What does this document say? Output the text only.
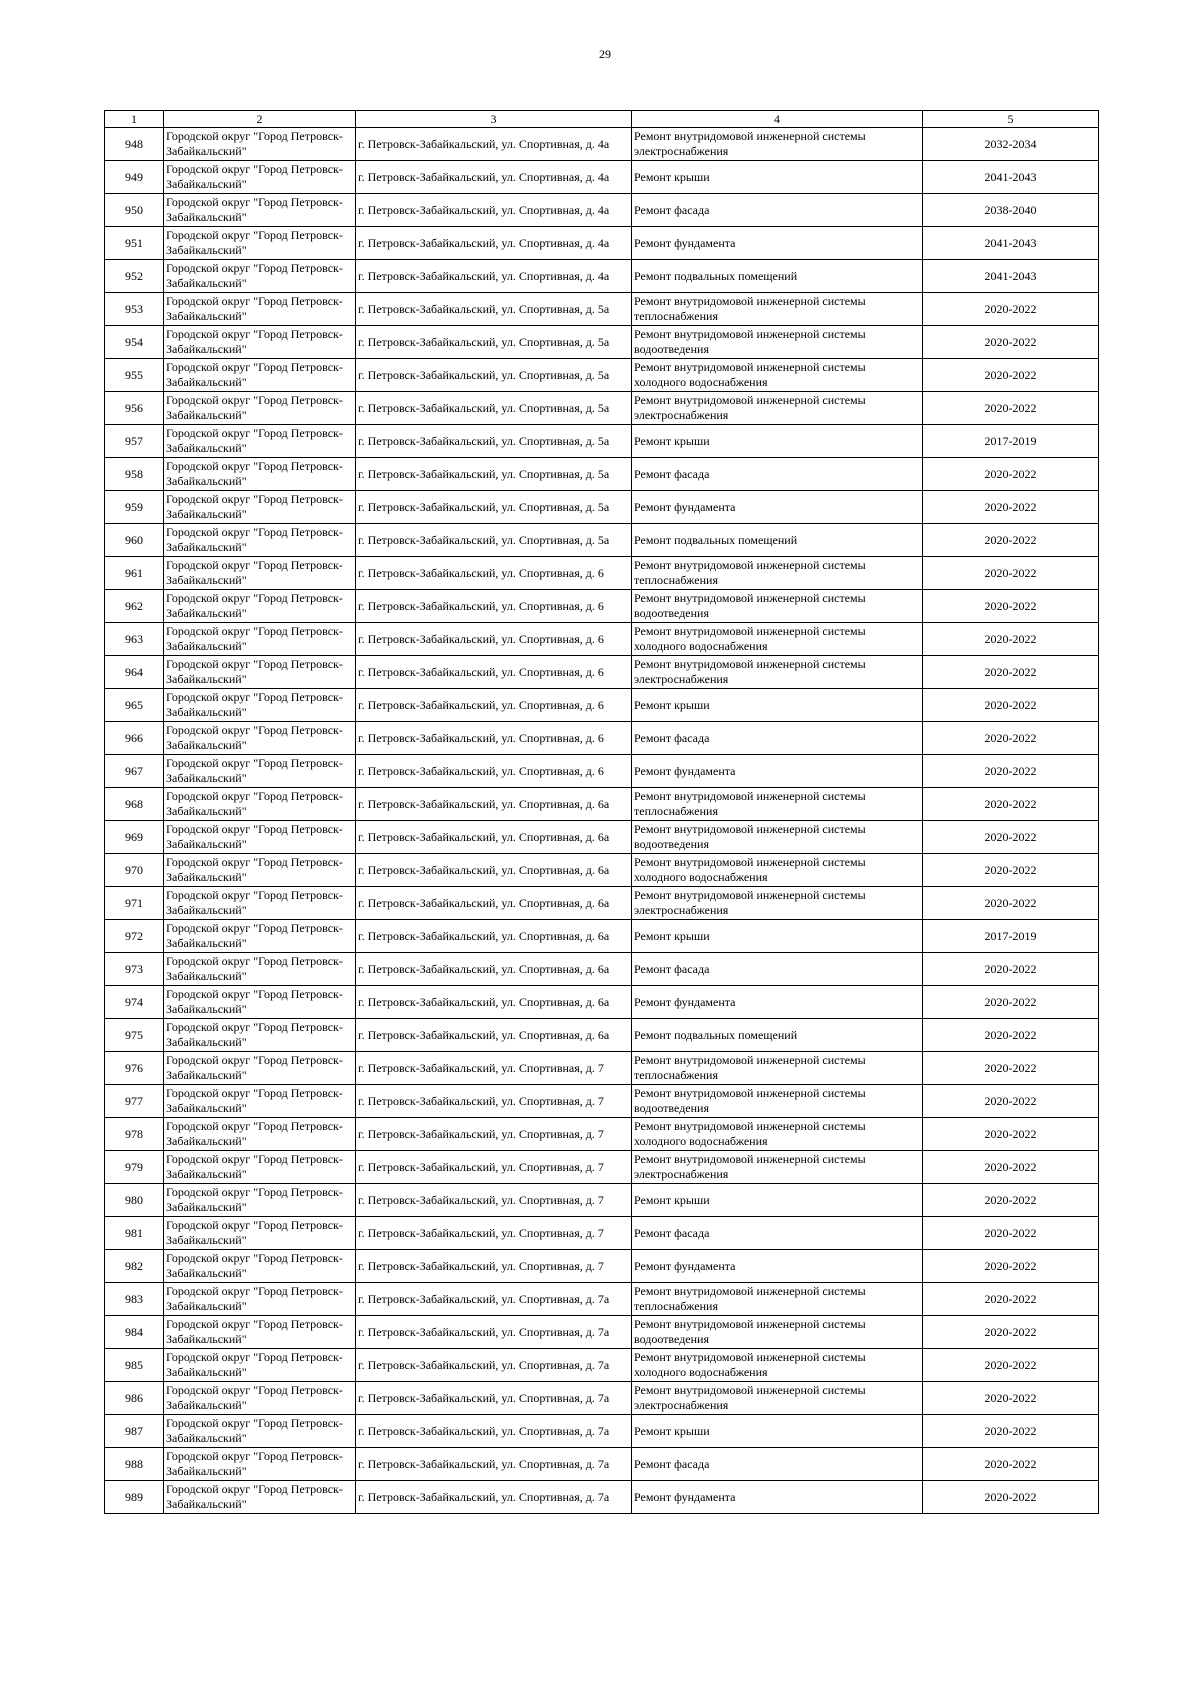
29
1	2	3	4	5
948	Городской округ "Город Петровск-Забайкальский"	г. Петровск-Забайкальский, ул. Спортивная, д. 4а	Ремонт внутридомовой инженерной системы электроснабжения	2032-2034
949	Городской округ "Город Петровск-Забайкальский"	г. Петровск-Забайкальский, ул. Спортивная, д. 4а	Ремонт крыши	2041-2043
950	Городской округ "Город Петровск-Забайкальский"	г. Петровск-Забайкальский, ул. Спортивная, д. 4а	Ремонт фасада	2038-2040
951	Городской округ "Город Петровск-Забайкальский"	г. Петровск-Забайкальский, ул. Спортивная, д. 4а	Ремонт фундамента	2041-2043
952	Городской округ "Город Петровск-Забайкальский"	г. Петровск-Забайкальский, ул. Спортивная, д. 4а	Ремонт подвальных помещений	2041-2043
953	Городской округ "Город Петровск-Забайкальский"	г. Петровск-Забайкальский, ул. Спортивная, д. 5а	Ремонт внутридомовой инженерной системы теплоснабжения	2020-2022
954	Городской округ "Город Петровск-Забайкальский"	г. Петровск-Забайкальский, ул. Спортивная, д. 5а	Ремонт внутридомовой инженерной системы водоотведения	2020-2022
955	Городской округ "Город Петровск-Забайкальский"	г. Петровск-Забайкальский, ул. Спортивная, д. 5а	Ремонт внутридомовой инженерной системы холодного водоснабжения	2020-2022
956	Городской округ "Город Петровск-Забайкальский"	г. Петровск-Забайкальский, ул. Спортивная, д. 5а	Ремонт внутридомовой инженерной системы электроснабжения	2020-2022
957	Городской округ "Город Петровск-Забайкальский"	г. Петровск-Забайкальский, ул. Спортивная, д. 5а	Ремонт крыши	2017-2019
958	Городской округ "Город Петровск-Забайкальский"	г. Петровск-Забайкальский, ул. Спортивная, д. 5а	Ремонт фасада	2020-2022
959	Городской округ "Город Петровск-Забайкальский"	г. Петровск-Забайкальский, ул. Спортивная, д. 5а	Ремонт фундамента	2020-2022
960	Городской округ "Город Петровск-Забайкальский"	г. Петровск-Забайкальский, ул. Спортивная, д. 5а	Ремонт подвальных помещений	2020-2022
961	Городской округ "Город Петровск-Забайкальский"	г. Петровск-Забайкальский, ул. Спортивная, д. 6	Ремонт внутридомовой инженерной системы теплоснабжения	2020-2022
962	Городской округ "Город Петровск-Забайкальский"	г. Петровск-Забайкальский, ул. Спортивная, д. 6	Ремонт внутридомовой инженерной системы водоотведения	2020-2022
963	Городской округ "Город Петровск-Забайкальский"	г. Петровск-Забайкальский, ул. Спортивная, д. 6	Ремонт внутридомовой инженерной системы холодного водоснабжения	2020-2022
964	Городской округ "Город Петровск-Забайкальский"	г. Петровск-Забайкальский, ул. Спортивная, д. 6	Ремонт внутридомовой инженерной системы электроснабжения	2020-2022
965	Городской округ "Город Петровск-Забайкальский"	г. Петровск-Забайкальский, ул. Спортивная, д. 6	Ремонт крыши	2020-2022
966	Городской округ "Город Петровск-Забайкальский"	г. Петровск-Забайкальский, ул. Спортивная, д. 6	Ремонт фасада	2020-2022
967	Городской округ "Город Петровск-Забайкальский"	г. Петровск-Забайкальский, ул. Спортивная, д. 6	Ремонт фундамента	2020-2022
968	Городской округ "Город Петровск-Забайкальский"	г. Петровск-Забайкальский, ул. Спортивная, д. 6а	Ремонт внутридомовой инженерной системы теплоснабжения	2020-2022
969	Городской округ "Город Петровск-Забайкальский"	г. Петровск-Забайкальский, ул. Спортивная, д. 6а	Ремонт внутридомовой инженерной системы водоотведения	2020-2022
970	Городской округ "Город Петровск-Забайкальский"	г. Петровск-Забайкальский, ул. Спортивная, д. 6а	Ремонт внутридомовой инженерной системы холодного водоснабжения	2020-2022
971	Городской округ "Город Петровск-Забайкальский"	г. Петровск-Забайкальский, ул. Спортивная, д. 6а	Ремонт внутридомовой инженерной системы электроснабжения	2020-2022
972	Городской округ "Город Петровск-Забайкальский"	г. Петровск-Забайкальский, ул. Спортивная, д. 6а	Ремонт крыши	2017-2019
973	Городской округ "Город Петровск-Забайкальский"	г. Петровск-Забайкальский, ул. Спортивная, д. 6а	Ремонт фасада	2020-2022
974	Городской округ "Город Петровск-Забайкальский"	г. Петровск-Забайкальский, ул. Спортивная, д. 6а	Ремонт фундамента	2020-2022
975	Городской округ "Город Петровск-Забайкальский"	г. Петровск-Забайкальский, ул. Спортивная, д. 6а	Ремонт подвальных помещений	2020-2022
976	Городской округ "Город Петровск-Забайкальский"	г. Петровск-Забайкальский, ул. Спортивная, д. 7	Ремонт внутридомовой инженерной системы теплоснабжения	2020-2022
977	Городской округ "Город Петровск-Забайкальский"	г. Петровск-Забайкальский, ул. Спортивная, д. 7	Ремонт внутридомовой инженерной системы водоотведения	2020-2022
978	Городской округ "Город Петровск-Забайкальский"	г. Петровск-Забайкальский, ул. Спортивная, д. 7	Ремонт внутридомовой инженерной системы холодного водоснабжения	2020-2022
979	Городской округ "Город Петровск-Забайкальский"	г. Петровск-Забайкальский, ул. Спортивная, д. 7	Ремонт внутридомовой инженерной системы электроснабжения	2020-2022
980	Городской округ "Город Петровск-Забайкальский"	г. Петровск-Забайкальский, ул. Спортивная, д. 7	Ремонт крыши	2020-2022
981	Городской округ "Город Петровск-Забайкальский"	г. Петровск-Забайкальский, ул. Спортивная, д. 7	Ремонт фасада	2020-2022
982	Городской округ "Город Петровск-Забайкальский"	г. Петровск-Забайкальский, ул. Спортивная, д. 7	Ремонт фундамента	2020-2022
983	Городской округ "Город Петровск-Забайкальский"	г. Петровск-Забайкальский, ул. Спортивная, д. 7а	Ремонт внутридомовой инженерной системы теплоснабжения	2020-2022
984	Городской округ "Город Петровск-Забайкальский"	г. Петровск-Забайкальский, ул. Спортивная, д. 7а	Ремонт внутридомовой инженерной системы водоотведения	2020-2022
985	Городской округ "Город Петровск-Забайкальский"	г. Петровск-Забайкальский, ул. Спортивная, д. 7а	Ремонт внутридомовой инженерной системы холодного водоснабжения	2020-2022
986	Городской округ "Город Петровск-Забайкальский"	г. Петровск-Забайкальский, ул. Спортивная, д. 7а	Ремонт внутридомовой инженерной системы электроснабжения	2020-2022
987	Городской округ "Город Петровск-Забайкальский"	г. Петровск-Забайкальский, ул. Спортивная, д. 7а	Ремонт крыши	2020-2022
988	Городской округ "Город Петровск-Забайкальский"	г. Петровск-Забайкальский, ул. Спортивная, д. 7а	Ремонт фасада	2020-2022
989	Городской округ "Город Петровск-Забайкальский"	г. Петровск-Забайкальский, ул. Спортивная, д. 7а	Ремонт фундамента	2020-2022
